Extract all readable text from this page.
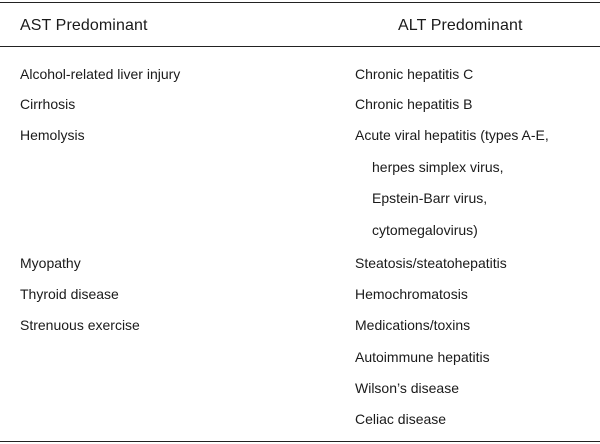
AST Predominant	ALT Predominant
Alcohol-related liver injury
Cirrhosis
Hemolysis
Myopathy
Thyroid disease
Strenuous exercise
Chronic hepatitis C
Chronic hepatitis B
Acute viral hepatitis (types A-E,
herpes simplex virus,
Epstein-Barr virus,
cytomegalovirus)
Steatosis/steatohepatitis
Hemochromatosis
Medications/toxins
Autoimmune hepatitis
Wilson’s disease
Celiac disease
